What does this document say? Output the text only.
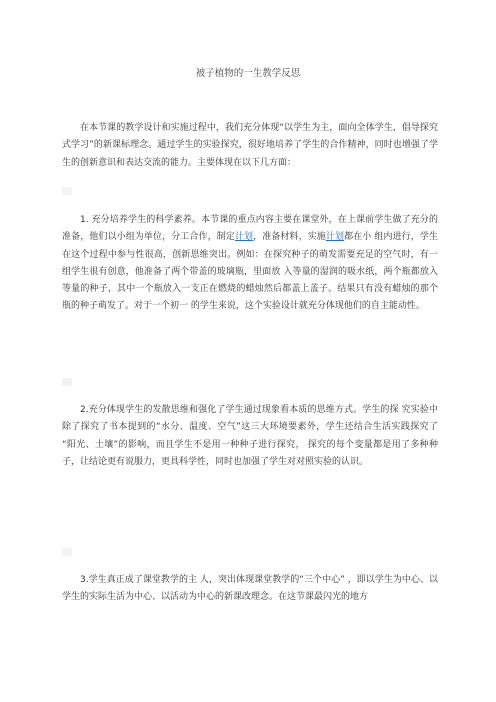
被子植物的一生教学反思

在本节课的教学设计和实施过程中，我们充分体现“以学生为主，面向全体学生，倡导探究式学习”的新课标理念。通过学生的实验探究，很好地培养了学生的合作精神，同时也增强了学生的创新意识和表达交流的能力。主要体现在以下几方面：

1. 充分培养学生的科学素养。本节课的重点内容主要在课堂外，在上课前学生做了充分的准备，他们以小组为单位，分工合作，制定计划，准备材料，实施计划都在小 组内进行，学生在这个过程中参与性很高，创新思维突出。例如：在探究种子的萌发需要充足的空气时，有一组学生很有创意，他准备了两个带盖的玻璃瓶，里面放 入等量的湿润的吸水纸，两个瓶都放入等量的种子，其中一个瓶放入一支正在燃烧的蜡烛然后都盖上盖子。结果只有没有蜡烛的那个瓶的种子萌发了。对于一个初一 的学生来说，这个实验设计就充分体现他们的自主能动性。

2.充分体现学生的发散思维和强化了学生通过现象看本质的思维方式。学生的探 究实验中除了探究了书本提到的“水分、温度、空气”这三大环境要素外，学生还结合生活实践探究了 “阳光、土壤”的影响，而且学生不是用一种种子进行探究， 探究的每个变量都是用了多种种子，让结论更有说服力，更具科学性，同时也加强了学生对对照实验的认识。

3.学生真正成了课堂教学的主 人，突出体现课堂教学的“三个中心” ，即以学生为中心、以学生的实际生活为中心、以活动为中心的新课改理念。在这节课最闪光的地方
